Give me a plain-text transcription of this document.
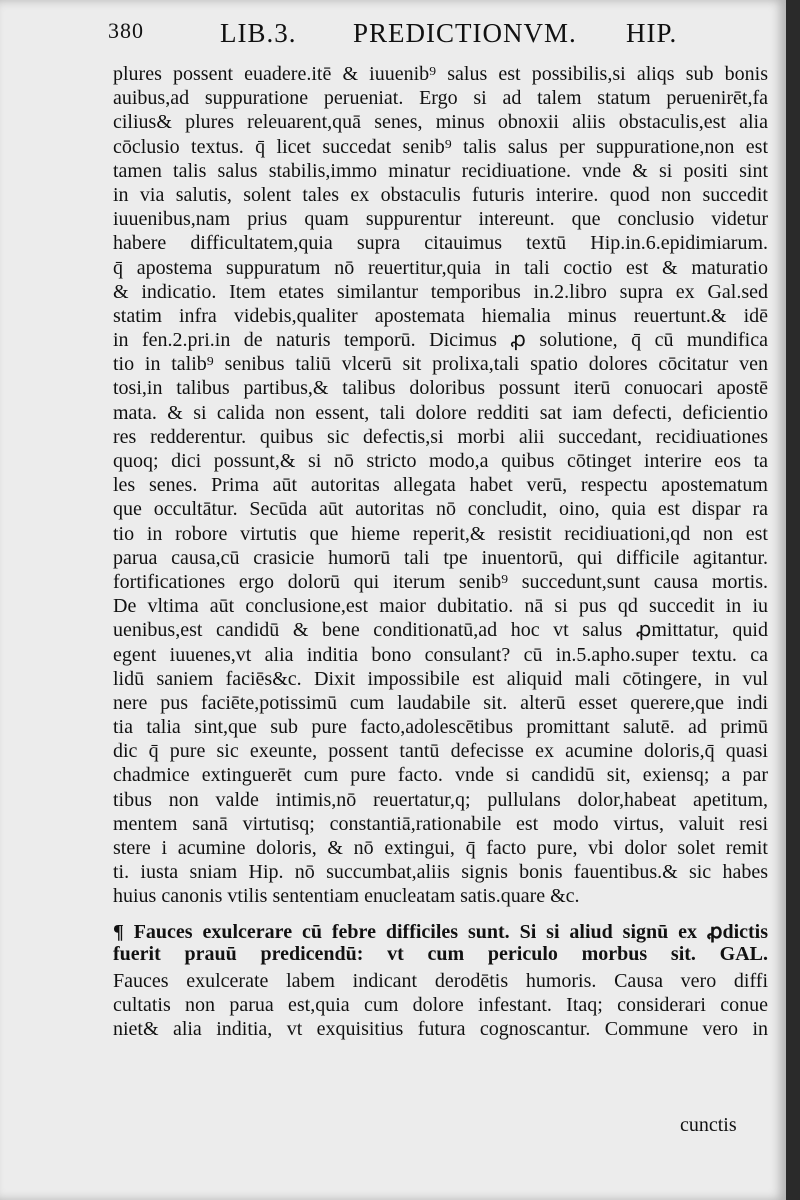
380	LIB.3. PREDICTIONVM. HIP.
plures possent euadere.itē & iuuenib⁹ salus est possibilis,si aliqs sub bonis
auibus,ad suppuratione perueniat. Ergo si ad talem statum peruenirēt,fa
cilius& plures releuarent,quā senes, minus obnoxii aliis obstaculis,est alia
cōclusio textus. q̄ licet succedat senib⁹ talis salus per suppuratione,non est
tamen talis salus stabilis,immo minatur recidiuatione. vnde & si positi sint
in via salutis, solent tales ex obstaculis futuris interire. quod non succedit
iuuenibus,nam prius quam suppurentur intereunt. que conclusio videtur
habere difficultatem,quia supra citauimus textū Hip.in.6.epidimiarum.
q̄ apostema suppuratum nō reuertitur,quia in tali coctio est & maturatio
& indicatio. Item etates similantur temporibus in.2.libro supra ex Gal.sed
statim infra videbis,qualiter apostemata hiemalia minus reuertunt.& idē
in fen.2.pri.in de naturis temporū. Dicimus ꝓ solutione, q̄ cū mundifica
tio in talib⁹ senibus taliū vlcerū sit prolixa,tali spatio dolores cōcitatur ven
tosi,in talibus partibus,& talibus doloribus possunt iterū conuocari apostē
mata. & si calida non essent, tali dolore redditi sat iam defecti, deficientio
res redderentur. quibus sic defectis,si morbi alii succedant, recidiuationes
quoq; dici possunt,& si nō stricto modo,a quibus cōtinget interire eos ta
les senes. Prima aūt autoritas allegata habet verū, respectu apostematum
que occultātur. Secūda aūt autoritas nō concludit, oino, quia est dispar ra
tio in robore virtutis que hieme reperit,& resistit recidiuationi,qd non est
parua causa,cū crasicie humorū tali tpe inuentorū, qui difficile agitantur.
fortificationes ergo dolorū qui iterum senib⁹ succedunt,sunt causa mortis.
De vltima aūt conclusione,est maior dubitatio. nā si pus qd succedit in iu
uenibus,est candidū & bene conditionatū,ad hoc vt salus ꝓmittatur, quid
egent iuuenes,vt alia inditia bono consulant? cū in.5.apho.super textu. ca
lidū saniem faciēs&c. Dixit impossibile est aliquid mali cōtingere, in vul
nere pus faciēte,potissimū cum laudabile sit. alterū esset querere,que indi
tia talia sint,que sub pure facto,adolescētibus promittant salutē. ad primū
dic q̄ pure sic exeunte, possent tantū defecisse ex acumine doloris,q̄ quasi
chadmice extinguerēt cum pure facto. vnde si candidū sit, exiensq; a par
tibus non valde intimis,nō reuertatur,q; pullulans dolor,habeat apetitum,
mentem sanā virtutisq; constantiā,rationabile est modo virtus, valuit resi
stere i acumine doloris, & nō extingui, q̄ facto pure, vbi dolor solet remit
ti. iusta sniam Hip. nō succumbat,aliis signis bonis fauentibus.& sic habes
huius canonis vtilis sententiam enucleatam satis.quare &c.
¶ Fauces exulcerare cū febre difficiles sunt. Si si aliud signū ex ꝓdictis
fuerit prauū predicendū: vt cum periculo morbus sit. GAL.
Fauces exulcerate labem indicant derodētis humoris. Causa vero diffi
cultatis non parua est,quia cum dolore infestant. Itaq; considerari conue
niet& alia inditia, vt exquisitius futura cognoscantur. Commune vero in
cunctis
